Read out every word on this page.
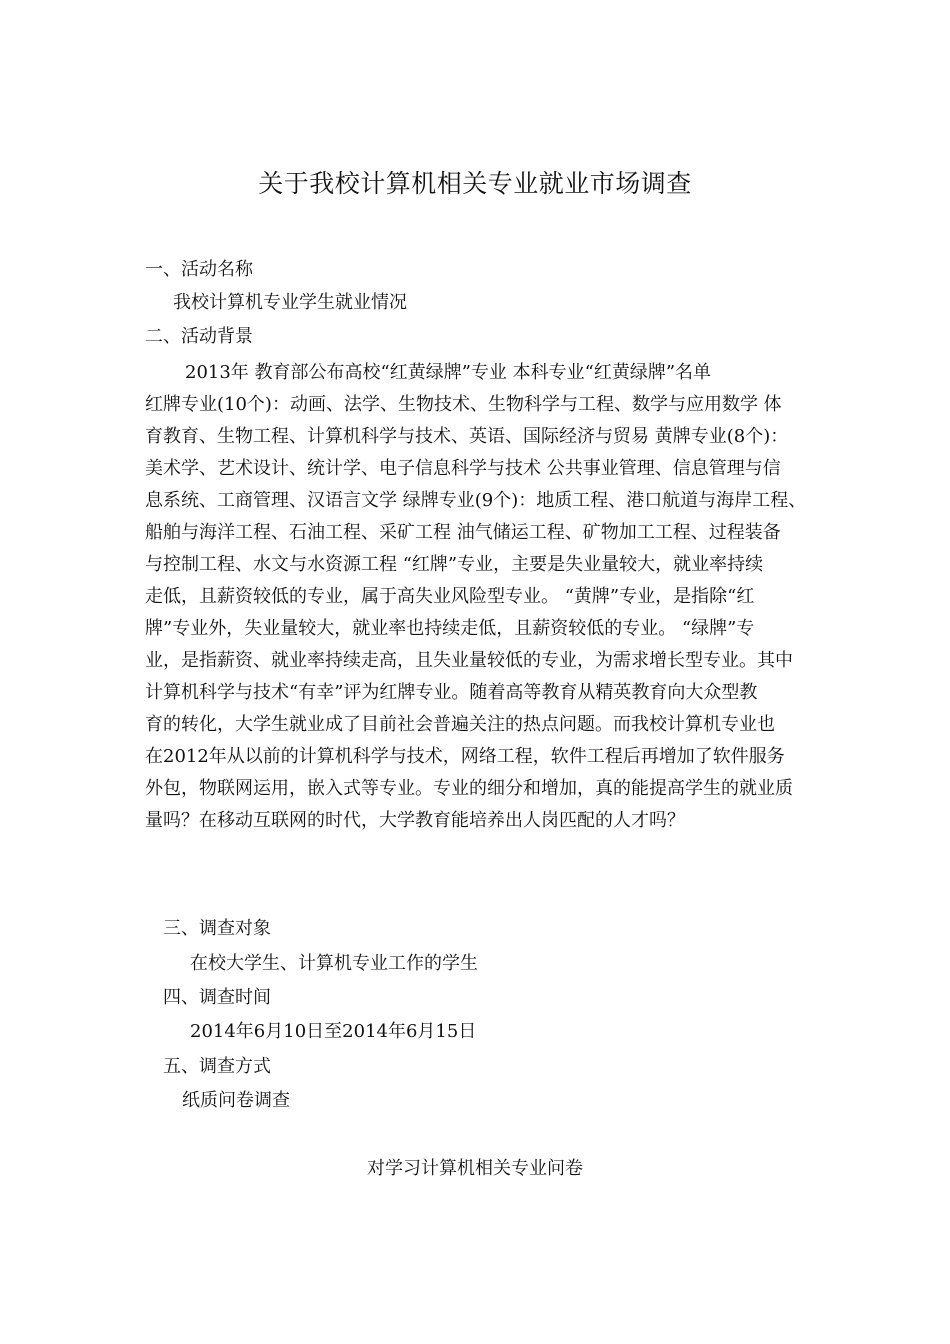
关于我校计算机相关专业就业市场调查
一、活动名称
我校计算机专业学生就业情况
二、活动背景
2013年 教育部公布高校“红黄绿牌”专业 本科专业“红黄绿牌”名单
红牌专业(10个)：动画、法学、生物技术、生物科学与工程、数学与应用数学 体
育教育、生物工程、计算机科学与技术、英语、国际经济与贸易 黄牌专业(8个)：
美术学、艺术设计、统计学、电子信息科学与技术 公共事业管理、信息管理与信
息系统、工商管理、汉语言文学 绿牌专业(9个)：地质工程、港口航道与海岸工程、
船舶与海洋工程、石油工程、采矿工程 油气储运工程、矿物加工工程、过程装备
与控制工程、水文与水资源工程 “红牌”专业，主要是失业量较大，就业率持续
走低，且薪资较低的专业，属于高失业风险型专业。 “黄牌”专业，是指除“红
牌”专业外，失业量较大，就业率也持续走低，且薪资较低的专业。 “绿牌”专
业，是指薪资、就业率持续走高，且失业量较低的专业，为需求增长型专业。其中
计算机科学与技术“有幸”评为红牌专业。随着高等教育从精英教育向大众型教
育的转化，大学生就业成了目前社会普遍关注的热点问题。而我校计算机专业也
在2012年从以前的计算机科学与技术，网络工程，软件工程后再增加了软件服务
外包，物联网运用，嵌入式等专业。专业的细分和增加，真的能提高学生的就业质
量吗？在移动互联网的时代，大学教育能培养出人岗匹配的人才吗？
三、调查对象
在校大学生、计算机专业工作的学生
四、调查时间
2014年6月10日至2014年6月15日
五、调查方式
纸质问卷调查
对学习计算机相关专业问卷
